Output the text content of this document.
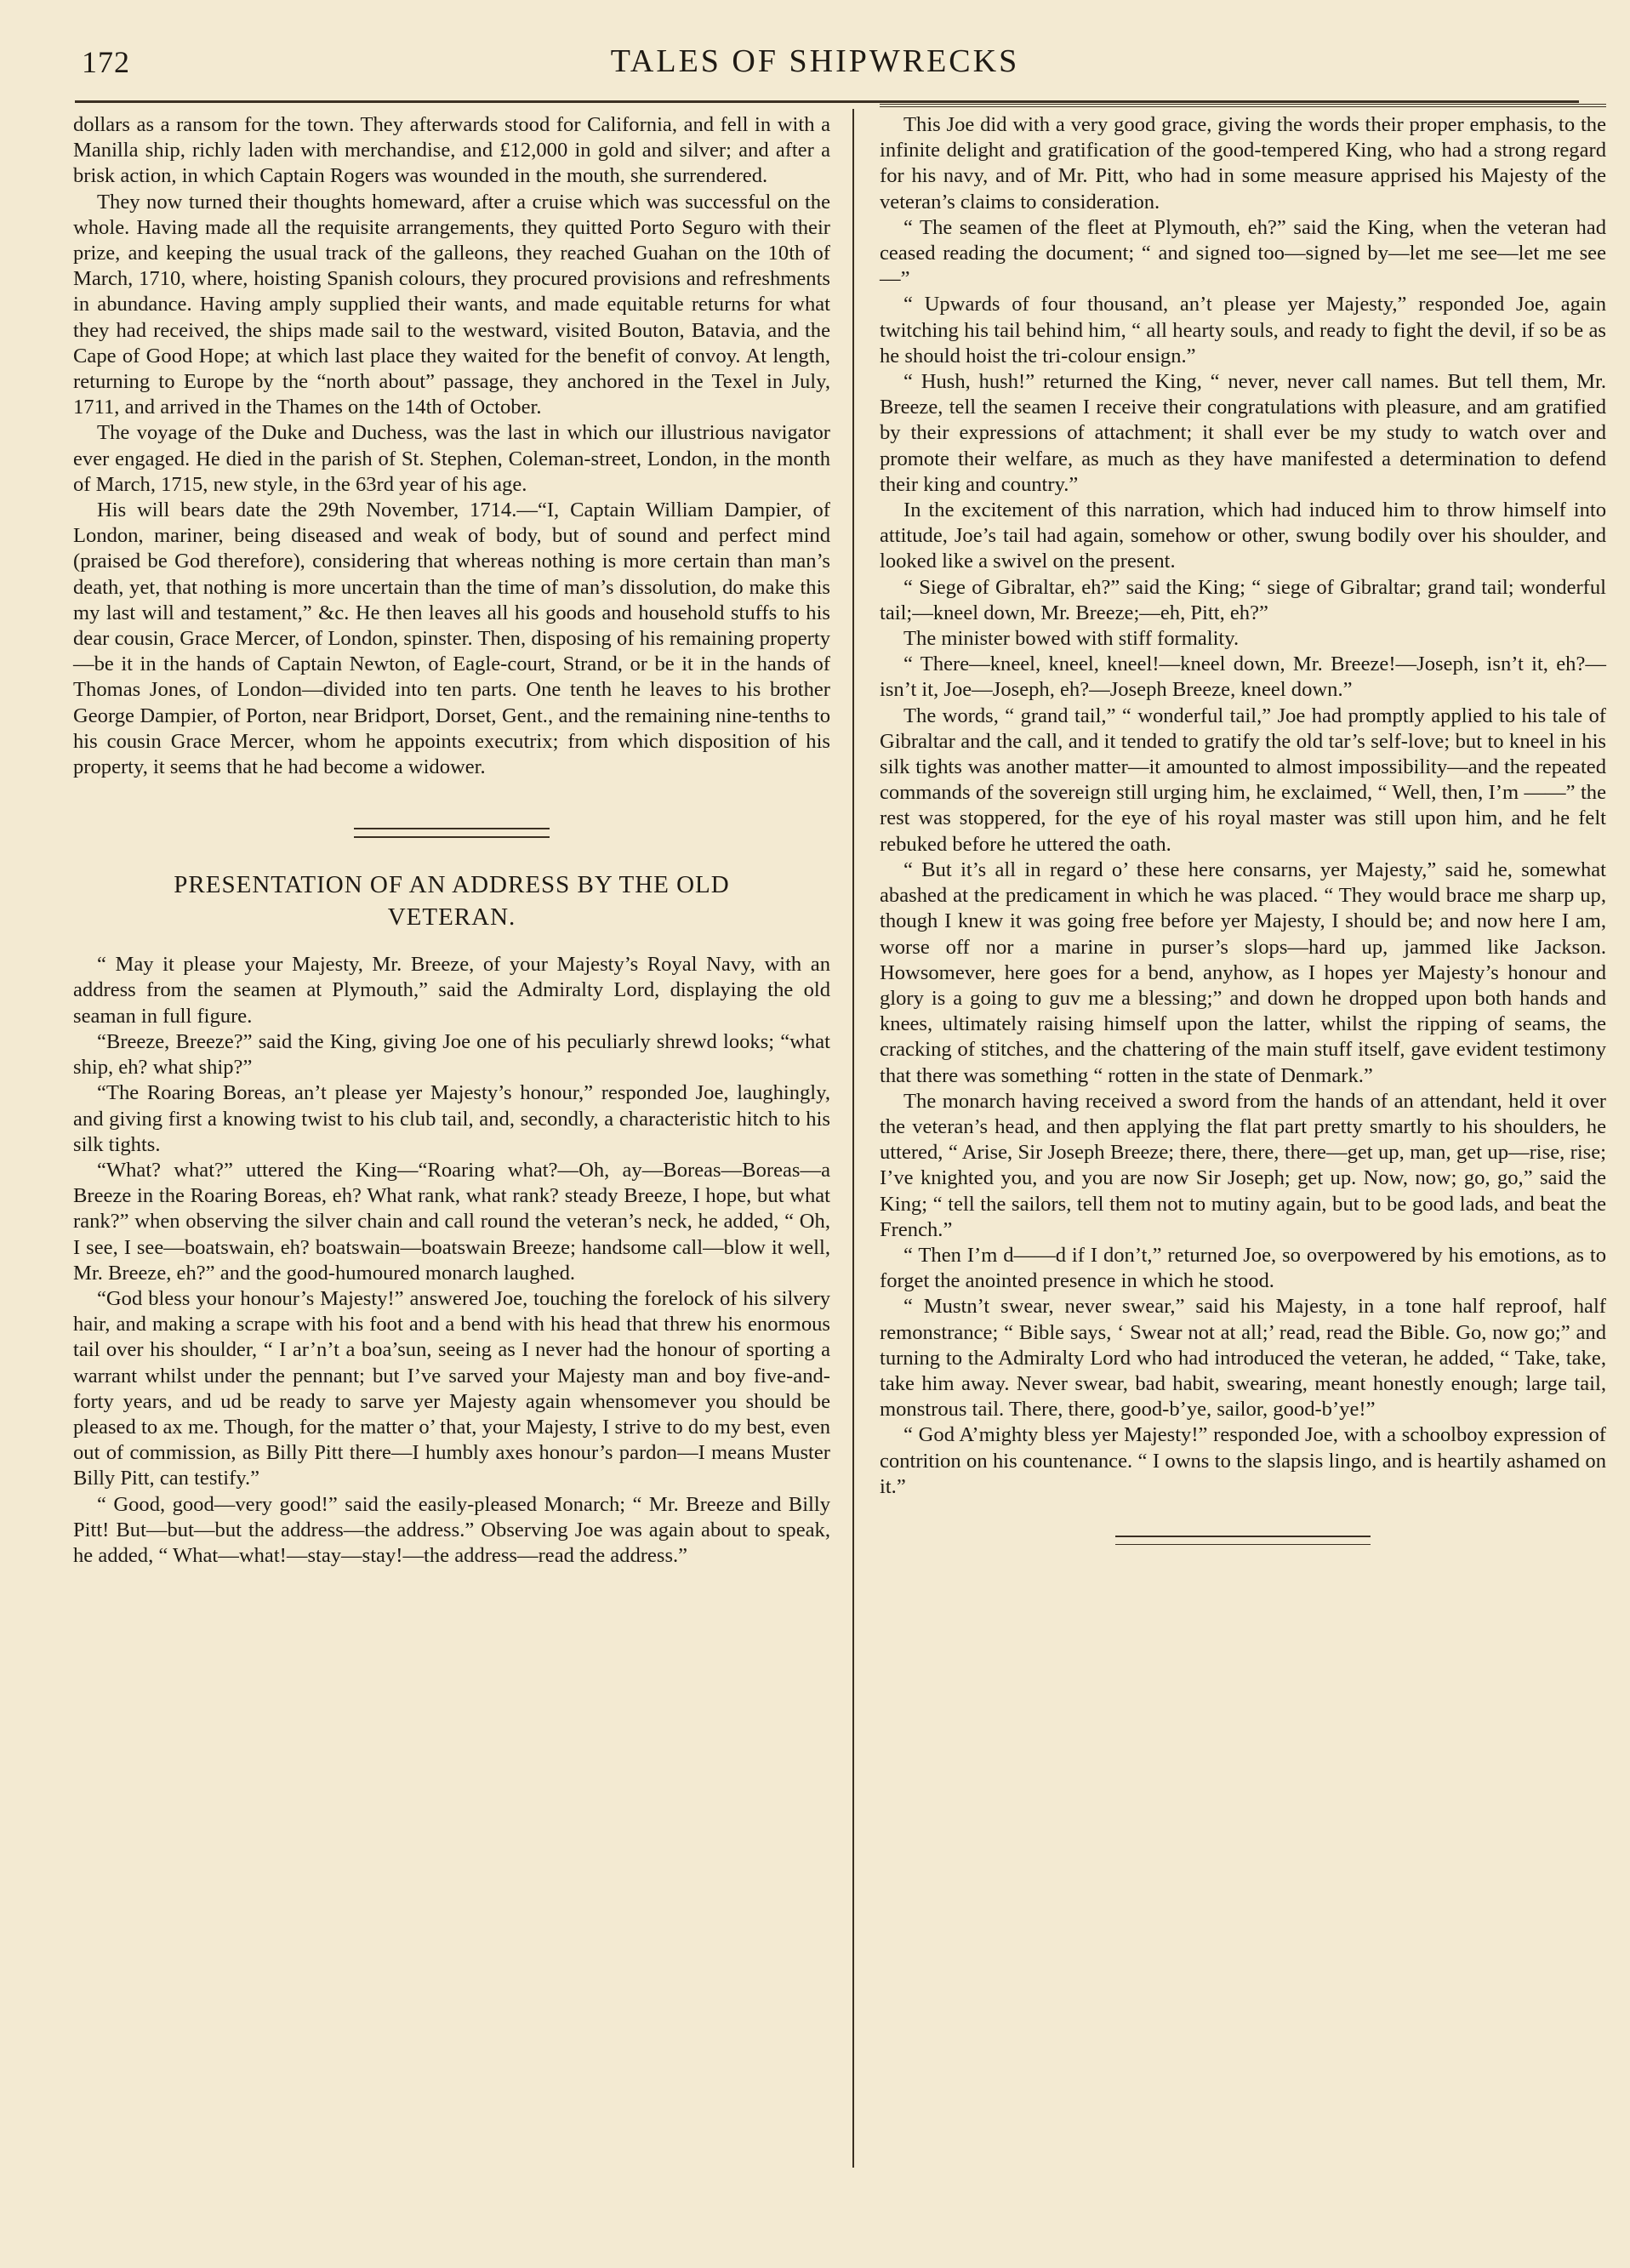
172	TALES OF SHIPWRECKS

dollars as a ransom for the town. They afterwards stood for California, and fell in with a Manilla ship, richly laden with merchandise, and £12,000 in gold and silver; and after a brisk action, in which Captain Rogers was wounded in the mouth, she surrendered.

They now turned their thoughts homeward, after a cruise which was successful on the whole. Having made all the requisite arrangements, they quitted Porto Seguro with their prize, and keeping the usual track of the galleons, they reached Guahan on the 10th of March, 1710, where, hoisting Spanish colours, they procured provisions and refreshments in abundance. Having amply supplied their wants, and made equitable returns for what they had received, the ships made sail to the westward, visited Bouton, Batavia, and the Cape of Good Hope; at which last place they waited for the benefit of convoy. At length, returning to Europe by the “north about” passage, they anchored in the Texel in July, 1711, and arrived in the Thames on the 14th of October.

The voyage of the Duke and Duchess, was the last in which our illustrious navigator ever engaged. He died in the parish of St. Stephen, Coleman-street, London, in the month of March, 1715, new style, in the 63rd year of his age.

His will bears date the 29th November, 1714.—“I, Captain William Dampier, of London, mariner, being diseased and weak of body, but of sound and perfect mind (praised be God therefore), considering that whereas nothing is more certain than man’s death, yet, that nothing is more uncertain than the time of man’s dissolution, do make this my last will and testament,” &c. He then leaves all his goods and household stuffs to his dear cousin, Grace Mercer, of London, spinster. Then, disposing of his remaining property—be it in the hands of Captain Newton, of Eagle-court, Strand, or be it in the hands of Thomas Jones, of London—divided into ten parts. One tenth he leaves to his brother George Dampier, of Porton, near Bridport, Dorset, Gent., and the remaining nine-tenths to his cousin Grace Mercer, whom he appoints executrix; from which disposition of his property, it seems that he had become a widower.

PRESENTATION OF AN ADDRESS BY THE OLD VETERAN.

“ May it please your Majesty, Mr. Breeze, of your Majesty’s Royal Navy, with an address from the seamen at Plymouth,” said the Admiralty Lord, displaying the old seaman in full figure.

“Breeze, Breeze?” said the King, giving Joe one of his peculiarly shrewd looks; “what ship, eh? what ship?”

“The Roaring Boreas, an’t please yer Majesty’s honour,” responded Joe, laughingly, and giving first a knowing twist to his club tail, and, secondly, a characteristic hitch to his silk tights.

“What? what?” uttered the King—“Roaring what?—Oh, ay—Boreas—Boreas—a Breeze in the Roaring Boreas, eh? What rank, what rank? steady Breeze, I hope, but what rank?” when observing the silver chain and call round the veteran’s neck, he added, “ Oh, I see, I see—boatswain, eh? boatswain—boatswain Breeze; handsome call—blow it well, Mr. Breeze, eh?” and the good-humoured monarch laughed.

“God bless your honour’s Majesty!” answered Joe, touching the forelock of his silvery hair, and making a scrape with his foot and a bend with his head that threw his enormous tail over his shoulder, “ I ar’n’t a boa’sun, seeing as I never had the honour of sporting a warrant whilst under the pennant; but I’ve sarved your Majesty man and boy five-and-forty years, and ud be ready to sarve yer Majesty again whensomever you should be pleased to ax me. Though, for the matter o’ that, your Majesty, I strive to do my best, even out of commission, as Billy Pitt there—I humbly axes honour’s pardon—I means Muster Billy Pitt, can testify.”

“ Good, good—very good!” said the easily-pleased Monarch; “ Mr. Breeze and Billy Pitt! But—but—but the address—the address.” Observing Joe was again about to speak, he added, “ What—what!—stay—stay!—the address—read the address.”

This Joe did with a very good grace, giving the words their proper emphasis, to the infinite delight and gratification of the good-tempered King, who had a strong regard for his navy, and of Mr. Pitt, who had in some measure apprised his Majesty of the veteran’s claims to consideration.

“ The seamen of the fleet at Plymouth, eh?” said the King, when the veteran had ceased reading the document; “ and signed too—signed by—let me see—let me see—”

“ Upwards of four thousand, an’t please yer Majesty,” responded Joe, again twitching his tail behind him, “ all hearty souls, and ready to fight the devil, if so be as he should hoist the tri-colour ensign.”

“ Hush, hush!” returned the King, “ never, never call names. But tell them, Mr. Breeze, tell the seamen I receive their congratulations with pleasure, and am gratified by their expressions of attachment; it shall ever be my study to watch over and promote their welfare, as much as they have manifested a determination to defend their king and country.”

In the excitement of this narration, which had induced him to throw himself into attitude, Joe’s tail had again, somehow or other, swung bodily over his shoulder, and looked like a swivel on the present.

“ Siege of Gibraltar, eh?” said the King; “ siege of Gibraltar; grand tail; wonderful tail;—kneel down, Mr. Breeze;—eh, Pitt, eh?”

The minister bowed with stiff formality.

“ There—kneel, kneel, kneel!—kneel down, Mr. Breeze!—Joseph, isn’t it, eh?—isn’t it, Joe—Joseph, eh?—Joseph Breeze, kneel down.”

The words, “ grand tail,” “ wonderful tail,” Joe had promptly applied to his tale of Gibraltar and the call, and it tended to gratify the old tar’s self-love; but to kneel in his silk tights was another matter—it amounted to almost impossibility—and the repeated commands of the sovereign still urging him, he exclaimed, “ Well, then, I’m ——” the rest was stoppered, for the eye of his royal master was still upon him, and he felt rebuked before he uttered the oath.

“ But it’s all in regard o’ these here consarns, yer Majesty,” said he, somewhat abashed at the predicament in which he was placed. “ They would brace me sharp up, though I knew it was going free before yer Majesty, I should be; and now here I am, worse off nor a marine in purser’s slops—hard up, jammed like Jackson. Howsomever, here goes for a bend, anyhow, as I hopes yer Majesty’s honour and glory is a going to guv me a blessing;” and down he dropped upon both hands and knees, ultimately raising himself upon the latter, whilst the ripping of seams, the cracking of stitches, and the chattering of the main stuff itself, gave evident testimony that there was something “ rotten in the state of Denmark.”

The monarch having received a sword from the hands of an attendant, held it over the veteran’s head, and then applying the flat part pretty smartly to his shoulders, he uttered, “ Arise, Sir Joseph Breeze; there, there, there—get up, man, get up—rise, rise; I’ve knighted you, and you are now Sir Joseph; get up. Now, now; go, go,” said the King; “ tell the sailors, tell them not to mutiny again, but to be good lads, and beat the French.”

“ Then I’m d——d if I don’t,” returned Joe, so overpowered by his emotions, as to forget the anointed presence in which he stood.

“ Mustn’t swear, never swear,” said his Majesty, in a tone half reproof, half remonstrance; “ Bible says, ‘ Swear not at all;’ read, read the Bible. Go, now go;” and turning to the Admiralty Lord who had introduced the veteran, he added, “ Take, take, take him away. Never swear, bad habit, swearing, meant honestly enough; large tail, monstrous tail. There, there, good-b’ye, sailor, good-b’ye!”

“ God A’mighty bless yer Majesty!” responded Joe, with a schoolboy expression of contrition on his countenance. “ I owns to the slapsis lingo, and is heartily ashamed on it.”
